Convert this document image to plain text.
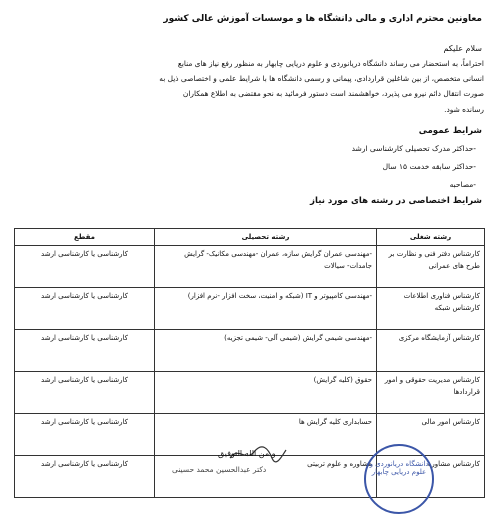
معاونین محترم اداری و مالی دانشگاه ها و موسسات آموزش عالی کشور
سلام علیکم
احتراماً، به استحضار می رساند دانشگاه دریانوردی و علوم دریایی چابهار به منظور رفع نیاز های منابع
انسانی متخصص، از بین شاغلین قراردادی، پیمانی و رسمی دانشگاه ها با شرایط علمی و اختصاصی ذیل به
صورت انتقال دائم نیرو می پذیرد، خواهشمند است دستور فرمائید به نحو مقتضی به اطلاع همکاران
رسانده شود.
شرایط عمومی
-حداکثر مدرک تحصیلی کارشناسی ارشد
-حداکثر سابقه خدمت ۱۵ سال
-مصاحبه
شرایط اختصاصی در رشته های مورد نیاز
رشته شغلی	رشته تحصیلی	مقطع
کارشناس دفتر فنی و نظارت بر طرح های عمرانی	-مهندسی عمران گرایش سازه، عمران -مهندسی مکانیک- گرایش جامدات- سیالات	کارشناسی یا کارشناسی ارشد
کارشناس فناوری اطلاعات کارشناس شبکه	-مهندسی کامپیوتر و IT (شبکه و امنیت، سخت افزار -نرم افزار)	کارشناسی یا کارشناسی ارشد
کارشناس آزمایشگاه مرکزی	-مهندسی شیمی گرایش (شیمی آلی- شیمی تجزیه)	کارشناسی یا کارشناسی ارشد
کارشناس مدیریت حقوقی و امور قراردادها	حقوق (کلیه گرایش)	کارشناسی یا کارشناسی ارشد
کارشناس امور مالی	حسابداری کلیه گرایش ها	کارشناسی یا کارشناسی ارشد
کارشناس مشاوره	مشاوره و علوم تربیتی	کارشناسی یا کارشناسی ارشد
و من الله التوفیق
دکتر عبدالحسین محمد حسینی
دانشگاه دریانوردی و علوم دریایی چابهار
